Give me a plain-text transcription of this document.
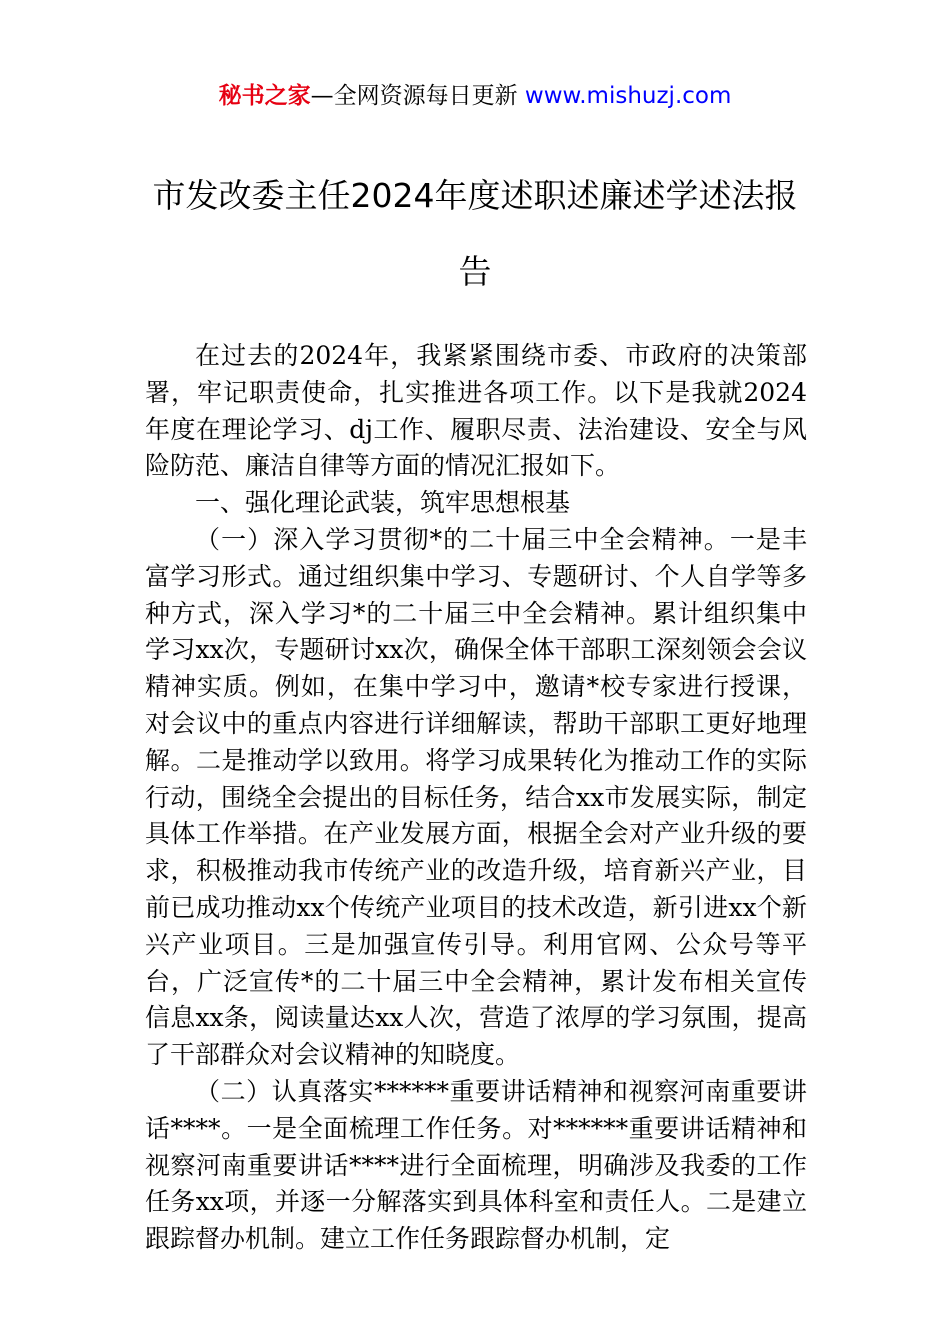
秘书之家—全网资源每日更新 www.mishuzj.com
市发改委主任2024年度述职述廉述学述法报告

在过去的2024年，我紧紧围绕市委、市政府的决策部署，牢记职责使命，扎实推进各项工作。以下是我就2024年度在理论学习、dj工作、履职尽责、法治建设、安全与风险防范、廉洁自律等方面的情况汇报如下。

一、强化理论武装，筑牢思想根基

（一）深入学习贯彻*的二十届三中全会精神。一是丰富学习形式。通过组织集中学习、专题研讨、个人自学等多种方式，深入学习*的二十届三中全会精神。累计组织集中学习xx次，专题研讨xx次，确保全体干部职工深刻领会会议精神实质。例如，在集中学习中，邀请*校专家进行授课，对会议中的重点内容进行详细解读，帮助干部职工更好地理解。二是推动学以致用。将学习成果转化为推动工作的实际行动，围绕全会提出的目标任务，结合xx市发展实际，制定具体工作举措。在产业发展方面，根据全会对产业升级的要求，积极推动我市传统产业的改造升级，培育新兴产业，目前已成功推动xx个传统产业项目的技术改造，新引进xx个新兴产业项目。三是加强宣传引导。利用官网、公众号等平台，广泛宣传*的二十届三中全会精神，累计发布相关宣传信息xx条，阅读量达xx人次，营造了浓厚的学习氛围，提高了干部群众对会议精神的知晓度。

（二）认真落实******重要讲话精神和视察河南重要讲话****。一是全面梳理工作任务。对******重要讲话精神和视察河南重要讲话****进行全面梳理，明确涉及我委的工作任务xx项，并逐一分解落实到具体科室和责任人。二是建立跟踪督办机制。建立工作任务跟踪督办机制，定
